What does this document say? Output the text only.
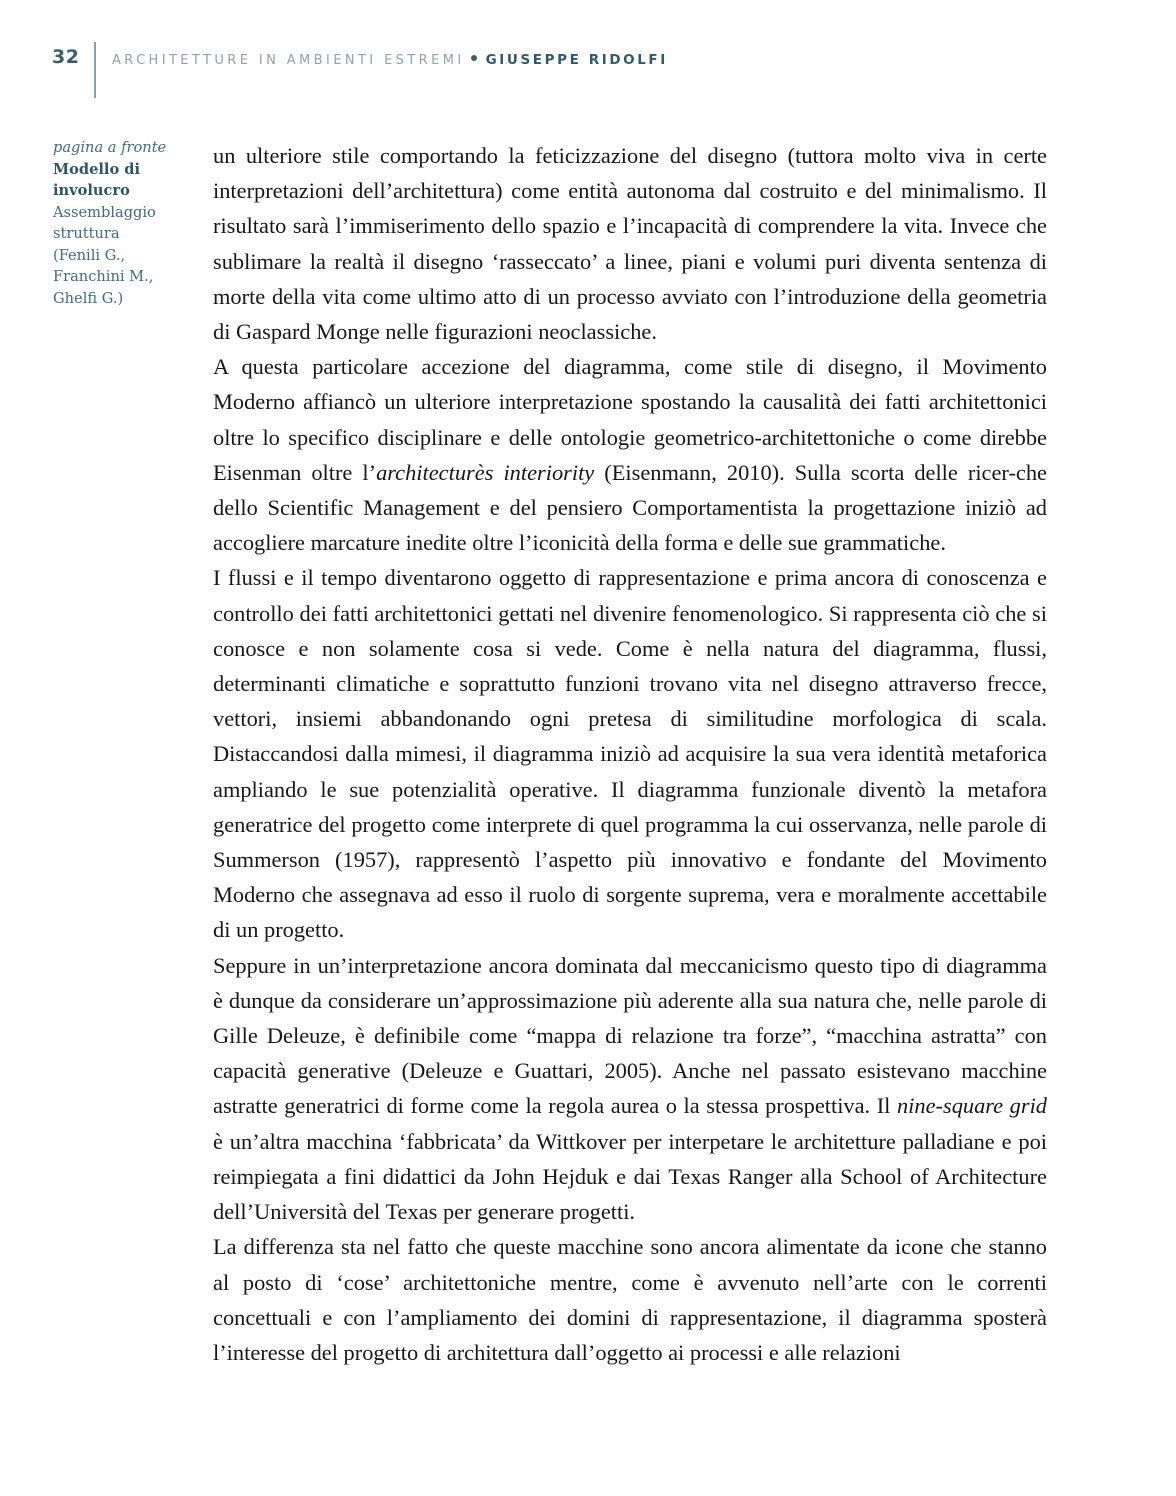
32	ARCHITETTURE IN AMBIENTI ESTREMI GIUSEPPE RIDOLFI
pagina a fronte
Modello di
involucro
Assemblaggio
struttura
(Fenili G.,
Franchini M.,
Ghelfi G.)

un ulteriore stile comportando la feticizzazione del disegno (tuttora molto viva in certe interpretazioni dell’architettura) come entità autonoma dal costruito e del minimalismo. Il risultato sarà l’immiserimento dello spazio e l’incapacità di comprendere la vita. Invece che sublimare la realtà il disegno ‘rasseccato’ a linee, piani e volumi puri diventa sentenza di morte della vita come ultimo atto di un processo avviato con l’introduzione della geometria di Gaspard Monge nelle figurazioni neoclassiche.

A questa particolare accezione del diagramma, come stile di disegno, il Movimento Moderno affiancò un ulteriore interpretazione spostando la causalità dei fatti architettonici oltre lo specifico disciplinare e delle ontologie geometrico-architettoniche o come direbbe Eisenman oltre l’architecturès interiority (Eisenmann, 2010). Sulla scorta delle ricer-che dello Scientific Management e del pensiero Comportamentista la progettazione iniziò ad accogliere marcature inedite oltre l’iconicità della forma e delle sue grammatiche.

I flussi e il tempo diventarono oggetto di rappresentazione e prima ancora di conoscenza e controllo dei fatti architettonici gettati nel divenire fenomenologico. Si rappresenta ciò che si conosce e non solamente cosa si vede. Come è nella natura del diagramma, flussi, determinanti climatiche e soprattutto funzioni trovano vita nel disegno attraverso frecce, vettori, insiemi abbandonando ogni pretesa di similitudine morfologica di scala. Distaccandosi dalla mimesi, il diagramma iniziò ad acquisire la sua vera identità metaforica ampliando le sue potenzialità operative. Il diagramma funzionale diventò la metafora generatrice del progetto come interprete di quel programma la cui osservanza, nelle parole di Summerson (1957), rappresentò l’aspetto più innovativo e fondante del Movimento Moderno che assegnava ad esso il ruolo di sorgente suprema, vera e moralmente accettabile di un progetto.

Seppure in un’interpretazione ancora dominata dal meccanicismo questo tipo di diagramma è dunque da considerare un’approssimazione più aderente alla sua natura che, nelle parole di Gille Deleuze, è definibile come “mappa di relazione tra forze”, “macchina astratta” con capacità generative (Deleuze e Guattari, 2005). Anche nel passato esistevano macchine astratte generatrici di forme come la regola aurea o la stessa prospettiva. Il nine-square grid è un’altra macchina ‘fabbricata’ da Wittkover per interpetare le architetture palladiane e poi reimpiegata a fini didattici da John Hejduk e dai Texas Ranger alla School of Architecture dell’Università del Texas per generare progetti.

La differenza sta nel fatto che queste macchine sono ancora alimentate da icone che stanno al posto di ‘cose’ architettoniche mentre, come è avvenuto nell’arte con le correnti concettuali e con l’ampliamento dei domini di rappresentazione, il diagramma sposterà l’interesse del progetto di architettura dall’oggetto ai processi e alle relazioni
